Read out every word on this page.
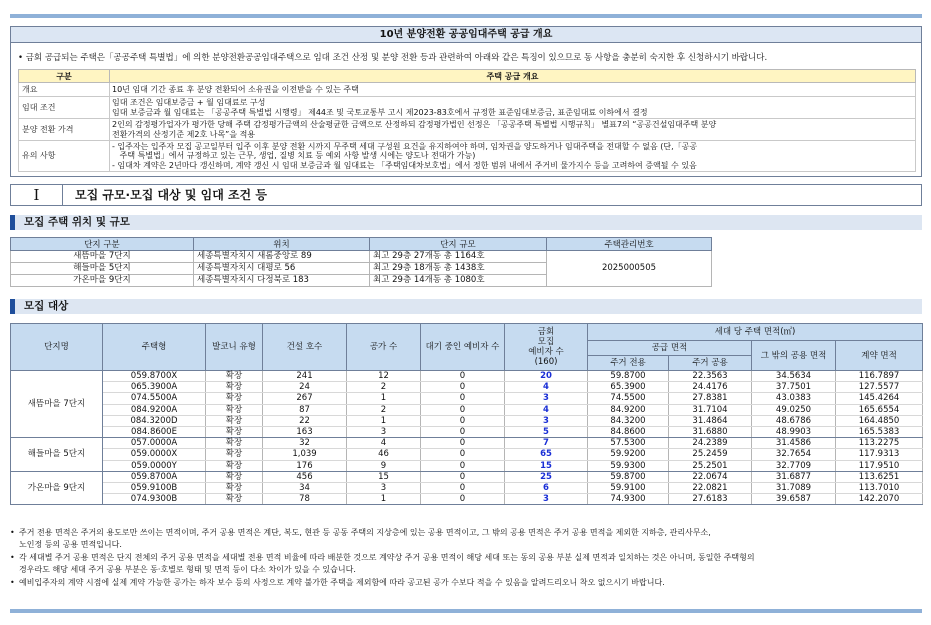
10년 분양전환 공공임대주택 공급 개요
• 금회 공급되는 주택은「공공주택 특별법」에 의한 분양전환공공임대주택으로 임대 조건 산정 및 분양 전환 등과 관련하여 아래와 같은 특징이 있으므로 동 사항을 충분히 숙지한 후 신청하시기 바랍니다.
구분	주택 공급 개요
개요	10년 임대 기간 종료 후 분양 전환되어 소유권을 이전받을 수 있는 주택

임대 조건	임대 조건은 임대보증금 + 월 임대료로 구성
임대 보증금과 월 임대료는 「공공주택 특별법 시행령」 제44조 및 국토교통부 고시 제2023-83호에서 규정한 표준임대보증금, 표준임대료 이하에서 결정

분양 전환 가격	2인의 감정평가업자가 평가한 당해 주택 감정평가금액의 산술평균한 금액으로 산정하되 감정평가법인 선정은 「공공주택 특별법 시행규칙」 별표7의 “공공건설임대주택 분양
전환가격의 산정기준 제2호 나목”을 적용

유의 사항	- 입주자는 입주자 모집 공고일부터 입주 이후 분양 전환 시까지 무주택 세대 구성원 요건을 유지하여야 하며, 임차권을 양도하거나 임대주택을 전대할 수 없음 (단,「공공
주택 특별법」에서 규정하고 있는 근무, 생업, 질병 치료 등 예외 사항 발생 시에는 양도나 전대가 가능)
- 임대차 계약은 2년마다 갱신하며, 계약 갱신 시 임대 보증금과 월 임대료는 「주택임대차보호법」에서 정한 범위 내에서 주거비 물가지수 등을 고려하여 증액될 수 있음
Ⅰ	모집 규모·모집 대상 및 임대 조건 등
모집 주택 위치 및 규모
단지 구분	위치	단지 규모	주택관리번호
새뜸마을 7단지	세종특별자치시 새롬중앙로 89	최고 29층 27개동 총 1164호	2025000505
해들마을 5단지	세종특별자치시 대평로 56	최고 29층 18개동 총 1438호	
가온마을 9단지	세종특별자치시 다정북로 183	최고 29층 14개동 총 1080호	
모집 대상
단지명	주택형	발코니 유형	건설 호수	공가 수	대기 중인 예비자 수	금회
모집
예비자 수
(160)	세대 당 주택 면적(㎡)			
							공급 면적		그 밖의 공용 면적	계약 면적
							주거 전용	주거 공용		
새뜸마을 7단지	059.8700X	확장	241	12	0	20	59.8700	22.3563	34.5634	116.7897
	065.3900A	확장	24	2	0	4	65.3900	24.4176	37.7501	127.5577
	074.5500A	확장	267	1	0	3	74.5500	27.8381	43.0383	145.4264
	084.9200A	확장	87	2	0	4	84.9200	31.7104	49.0250	165.6554
	084.3200D	확장	22	1	0	3	84.3200	31.4864	48.6786	164.4850
	084.8600E	확장	163	3	0	5	84.8600	31.6880	48.9903	165.5383
해들마을 5단지	057.0000A	확장	32	4	0	7	57.5300	24.2389	31.4586	113.2275
	059.0000X	확장	1,039	46	0	65	59.9200	25.2459	32.7654	117.9313
	059.0000Y	확장	176	9	0	15	59.9300	25.2501	32.7709	117.9510
가온마을 9단지	059.8700A	확장	456	15	0	25	59.8700	22.0674	31.6877	113.6251
	059.9100B	확장	34	3	0	6	59.9100	22.0821	31.7089	113.7010
	074.9300B	확장	78	1	0	3	74.9300	27.6183	39.6587	142.2070
• 주거 전용 면적은 주거의 용도로만 쓰이는 면적이며, 주거 공용 면적은 계단, 복도, 현관 등 공동 주택의 지상층에 있는 공용 면적이고, 그 밖의 공용 면적은 주거 공용 면적을 제외한 지하층, 관리사무소,
노인정 등의 공용 면적입니다.
• 각 세대별 주거 공용 면적은 단지 전체의 주거 공용 면적을 세대별 전용 면적 비율에 따라 배분한 것으로 계약상 주거 공용 면적이 해당 세대 또는 동의 공용 부분 실제 면적과 일치하는 것은 아니며, 동일한 주택형의
경우라도 해당 세대 주거 공용 부분은 동·호별로 형태 및 면적 등이 다소 차이가 있을 수 있습니다.
• 예비입주자의 계약 시점에 실제 계약 가능한 공가는 하자 보수 등의 사정으로 계약 불가한 주택을 제외함에 따라 공고된 공가 수보다 적을 수 있음을 알려드리오니 착오 없으시기 바랍니다.
